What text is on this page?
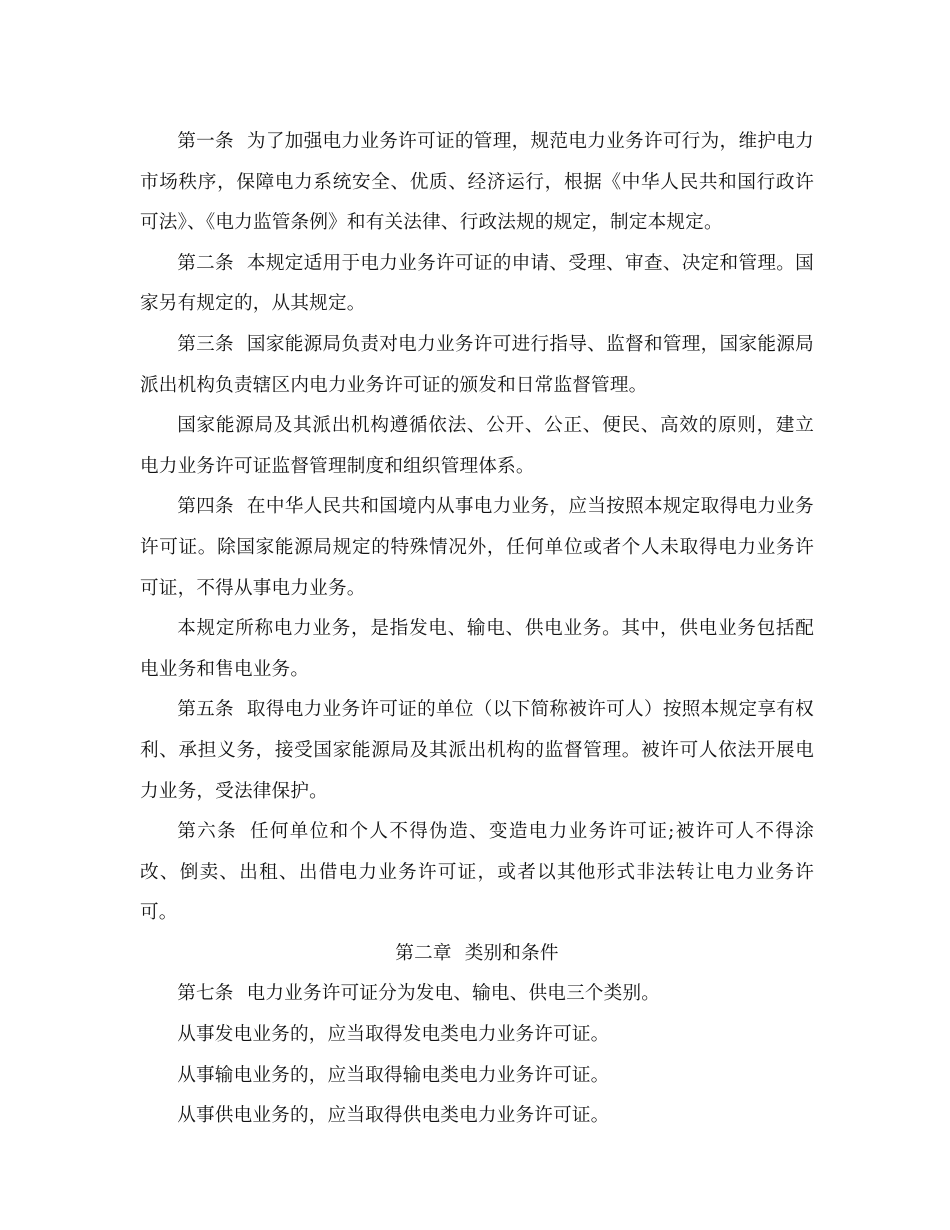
第一条 为了加强电力业务许可证的管理，规范电力业务许可行为，维护电力市场秩序，保障电力系统安全、优质、经济运行，根据《中华人民共和国行政许可法》、《电力监管条例》和有关法律、行政法规的规定，制定本规定。

第二条 本规定适用于电力业务许可证的申请、受理、审查、决定和管理。国家另有规定的，从其规定。

第三条 国家能源局负责对电力业务许可进行指导、监督和管理，国家能源局派出机构负责辖区内电力业务许可证的颁发和日常监督管理。

国家能源局及其派出机构遵循依法、公开、公正、便民、高效的原则，建立电力业务许可证监督管理制度和组织管理体系。

第四条 在中华人民共和国境内从事电力业务，应当按照本规定取得电力业务许可证。除国家能源局规定的特殊情况外，任何单位或者个人未取得电力业务许可证，不得从事电力业务。

本规定所称电力业务，是指发电、输电、供电业务。其中，供电业务包括配电业务和售电业务。

第五条 取得电力业务许可证的单位（以下简称被许可人）按照本规定享有权利、承担义务，接受国家能源局及其派出机构的监督管理。被许可人依法开展电力业务，受法律保护。

第六条 任何单位和个人不得伪造、变造电力业务许可证;被许可人不得涂改、倒卖、出租、出借电力业务许可证，或者以其他形式非法转让电力业务许可。

第二章 类别和条件

第七条 电力业务许可证分为发电、输电、供电三个类别。

从事发电业务的，应当取得发电类电力业务许可证。

从事输电业务的，应当取得输电类电力业务许可证。

从事供电业务的，应当取得供电类电力业务许可证。
